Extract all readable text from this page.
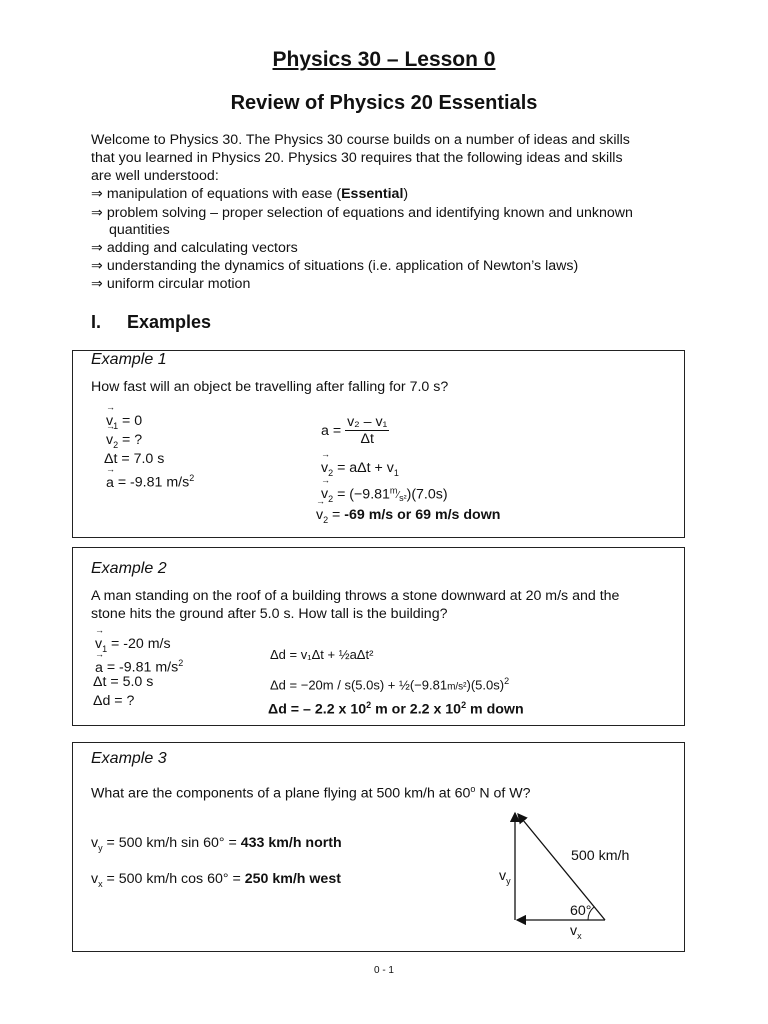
Physics 30 – Lesson 0
Review of Physics 20 Essentials
Welcome to Physics 30. The Physics 30 course builds on a number of ideas and skills
that you learned in Physics 20. Physics 30 requires that the following ideas and skills
are well understood:
⇒ manipulation of equations with ease (Essential)
⇒ problem solving – proper selection of equations and identifying known and unknown
quantities
⇒ adding and calculating vectors
⇒ understanding the dynamics of situations (i.e. application of Newton’s laws)
⇒ uniform circular motion
I. Examples
Example 1
How fast will an object be travelling after falling for 7.0 s?
→ $v_1 = 0$
→ $v_2$ = ?
Δt = 7.0 s
→ a = -9.81 $m/s^2$
a =
$\frac{\text{v₂ – v₁}}{\Delta t}$
→ $v_2 = a\Delta t + v_1$
→ $v_2$ = $(-9.81^m⁄_{s^2})(7.0s)$
→ $v_2 = -69$ m/s or 69 m/s down
Example 2
A man standing on the roof of a building throws a stone downward at 20 m/s and the
stone hits the ground after 5.0 s. How tall is the building?
→ $v_1 = -20$ m/s
→ a = -9.81 $m/s^2$
Δt = 5.0 s
Δd = ?
Δd = v₁Δt + ½aΔt²
$\Delta d = -20m / s(5.0s) + \frac{1}{2}(-9.81m/s^2)(5.0s)^2$
Δd = – 2.2 x $10^2$ m or 2.2 x $10^2$ m down
Example 3
What are the components of a plane flying at 500 km/h at 60$^o$ N of W?
$v_y = 500$ km/h sin 60° = 433 km/h north
$v_x = 500$ km/h cos 60° = 250 km/h west
500 km/h
$v_y$
60°
$v_x$
0 - 1
